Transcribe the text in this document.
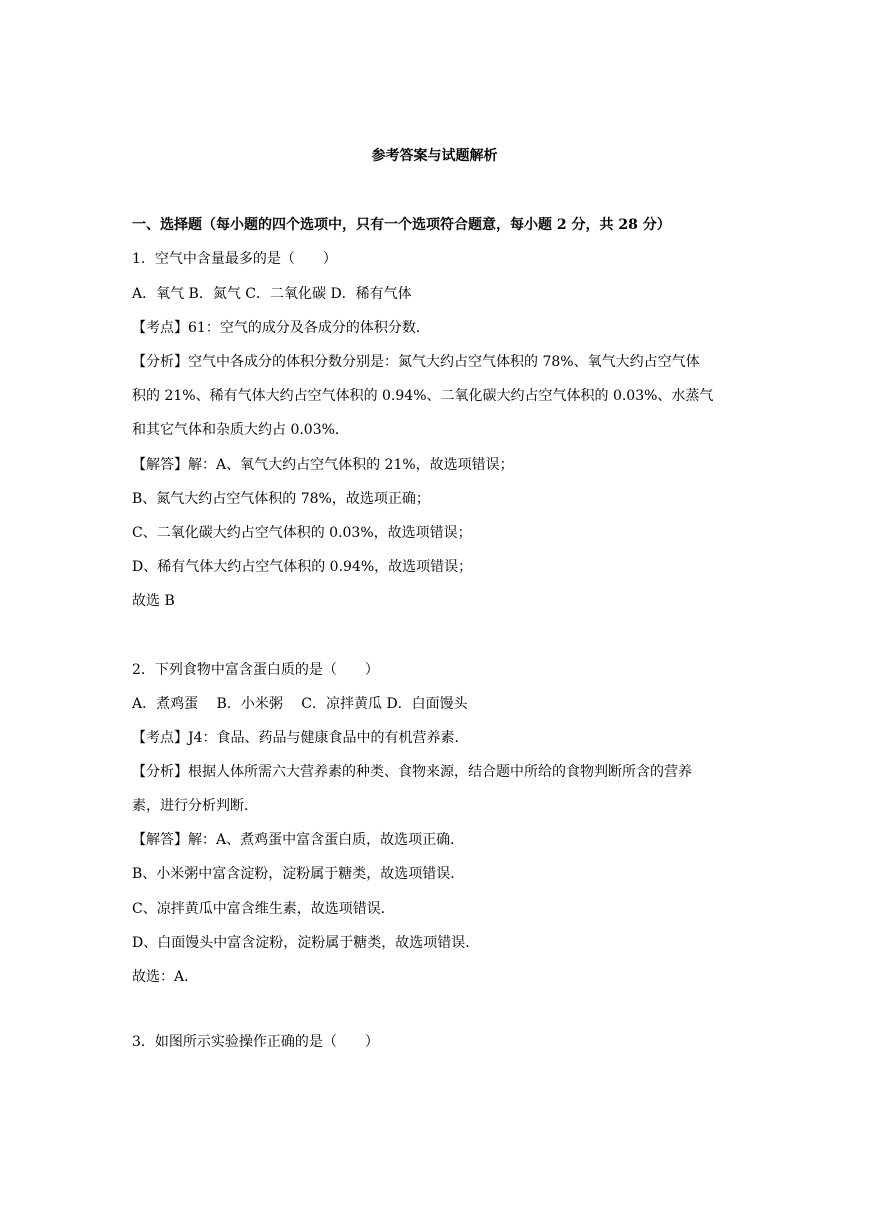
参考答案与试题解析
一、选择题（每小题的四个选项中，只有一个选项符合题意，每小题 2 分，共 28 分）
1．空气中含量最多的是（　　）
A．氧气 B．氮气 C．二氧化碳 D．稀有气体
【考点】61：空气的成分及各成分的体积分数．
【分析】空气中各成分的体积分数分别是：氮气大约占空气体积的 78%、氧气大约占空气体
积的 21%、稀有气体大约占空气体积的 0.94%、二氧化碳大约占空气体积的 0.03%、水蒸气
和其它气体和杂质大约占 0.03%．
【解答】解：A、氧气大约占空气体积的 21%，故选项错误；
B、氮气大约占空气体积的 78%，故选项正确；
C、二氧化碳大约占空气体积的 0.03%，故选项错误；
D、稀有气体大约占空气体积的 0.94%，故选项错误；
故选 B
2．下列食物中富含蛋白质的是（　　）
A．煮鸡蛋　 B．小米粥　 C．凉拌黄瓜 D．白面馒头
【考点】J4：食品、药品与健康食品中的有机营养素．
【分析】根据人体所需六大营养素的种类、食物来源，结合题中所给的食物判断所含的营养
素，进行分析判断．
【解答】解：A、煮鸡蛋中富含蛋白质，故选项正确．
B、小米粥中富含淀粉，淀粉属于糖类，故选项错误．
C、凉拌黄瓜中富含维生素，故选项错误．
D、白面馒头中富含淀粉，淀粉属于糖类，故选项错误．
故选：A．
3．如图所示实验操作正确的是（　　）
